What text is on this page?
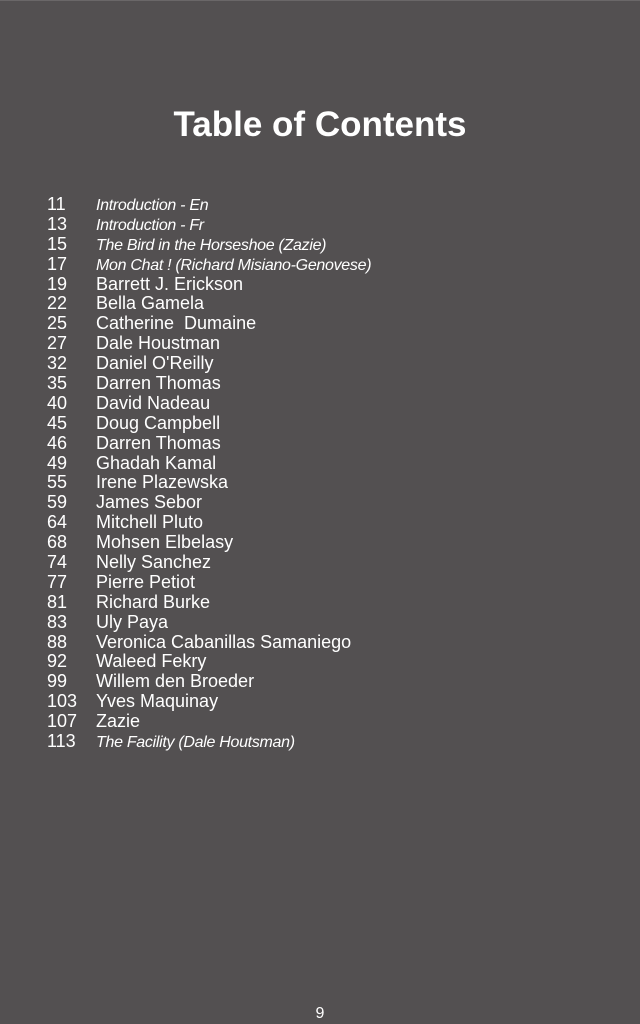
Table of Contents
11	Introduction - En
13	Introduction - Fr
15	The Bird in the Horseshoe (Zazie)
17	Mon Chat ! (Richard Misiano-Genovese)
19	Barrett J. Erickson
22	Bella Gamela
25	Catherine  Dumaine
27	Dale Houstman
32	Daniel O'Reilly
35	Darren Thomas
40	David Nadeau
45	Doug Campbell
46	Darren Thomas
49	Ghadah Kamal
55	Irene Plazewska
59	James Sebor
64	Mitchell Pluto
68	Mohsen Elbelasy
74	Nelly Sanchez
77	Pierre Petiot
81	Richard Burke
83	Uly Paya
88	Veronica Cabanillas Samaniego
92	Waleed Fekry
99	Willem den Broeder
103	Yves Maquinay
107	Zazie
113	The Facility (Dale Houtsman)
9
